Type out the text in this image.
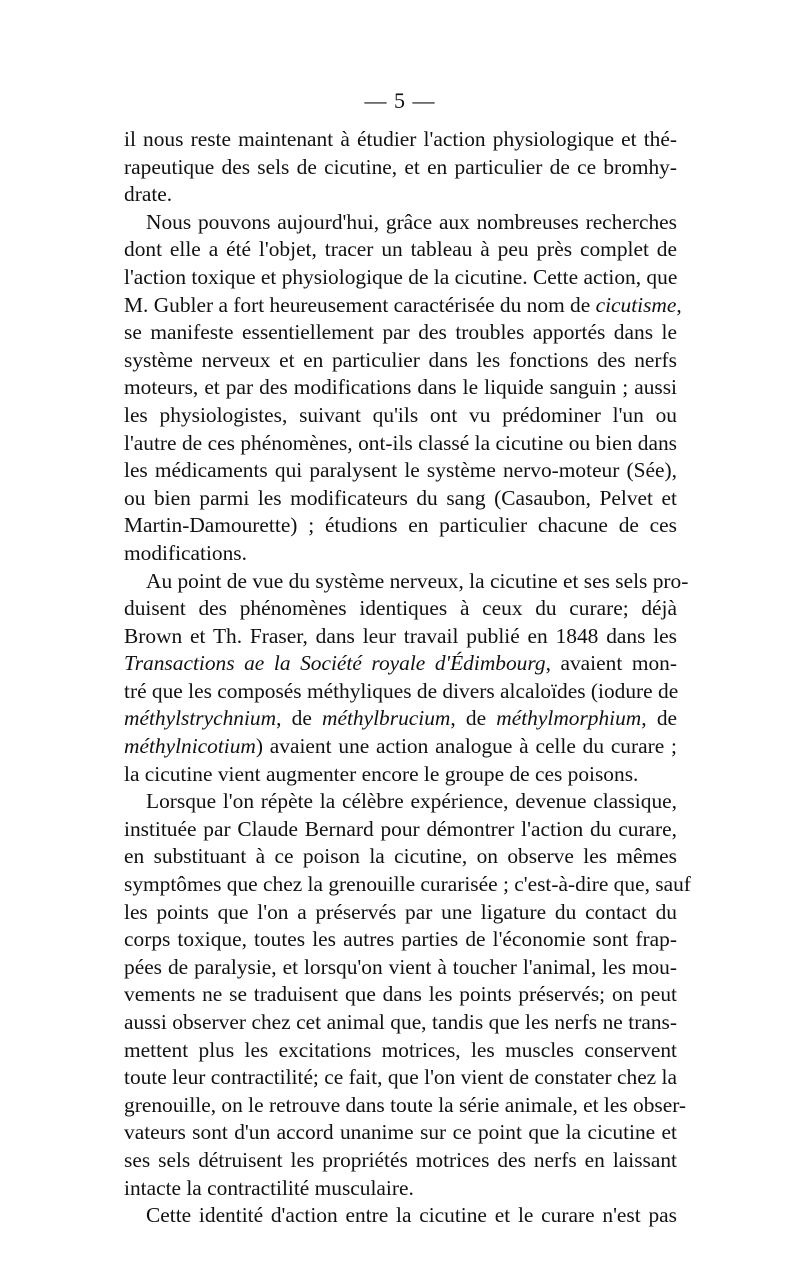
— 5 —
il nous reste maintenant à étudier l'action physiologique et thé-
rapeutique des sels de cicutine, et en particulier de ce bromhy-
drate.
Nous pouvons aujourd'hui, grâce aux nombreuses recherches
dont elle a été l'objet, tracer un tableau à peu près complet de
l'action toxique et physiologique de la cicutine. Cette action, que
M. Gubler a fort heureusement caractérisée du nom de cicutisme,
se manifeste essentiellement par des troubles apportés dans le
système nerveux et en particulier dans les fonctions des nerfs
moteurs, et par des modifications dans le liquide sanguin ; aussi
les physiologistes, suivant qu'ils ont vu prédominer l'un ou
l'autre de ces phénomènes, ont-ils classé la cicutine ou bien dans
les médicaments qui paralysent le système nervo-moteur (Sée),
ou bien parmi les modificateurs du sang (Casaubon, Pelvet et
Martin-Damourette) ; étudions en particulier chacune de ces
modifications.
Au point de vue du système nerveux, la cicutine et ses sels pro-
duisent des phénomènes identiques à ceux du curare; déjà
Brown et Th. Fraser, dans leur travail publié en 1848 dans les
Transactions ae la Société royale d'Édimbourg, avaient mon-
tré que les composés méthyliques de divers alcaloïdes (iodure de
méthylstrychnium, de méthylbrucium, de méthylmorphium, de
méthylnicotium) avaient une action analogue à celle du curare ;
la cicutine vient augmenter encore le groupe de ces poisons.
Lorsque l'on répète la célèbre expérience, devenue classique,
instituée par Claude Bernard pour démontrer l'action du curare,
en substituant à ce poison la cicutine, on observe les mêmes
symptômes que chez la grenouille curarisée ; c'est-à-dire que, sauf
les points que l'on a préservés par une ligature du contact du
corps toxique, toutes les autres parties de l'économie sont frap-
pées de paralysie, et lorsqu'on vient à toucher l'animal, les mou-
vements ne se traduisent que dans les points préservés; on peut
aussi observer chez cet animal que, tandis que les nerfs ne trans-
mettent plus les excitations motrices, les muscles conservent
toute leur contractilité; ce fait, que l'on vient de constater chez la
grenouille, on le retrouve dans toute la série animale, et les obser-
vateurs sont d'un accord unanime sur ce point que la cicutine et
ses sels détruisent les propriétés motrices des nerfs en laissant
intacte la contractilité musculaire.
Cette identité d'action entre la cicutine et le curare n'est pas
